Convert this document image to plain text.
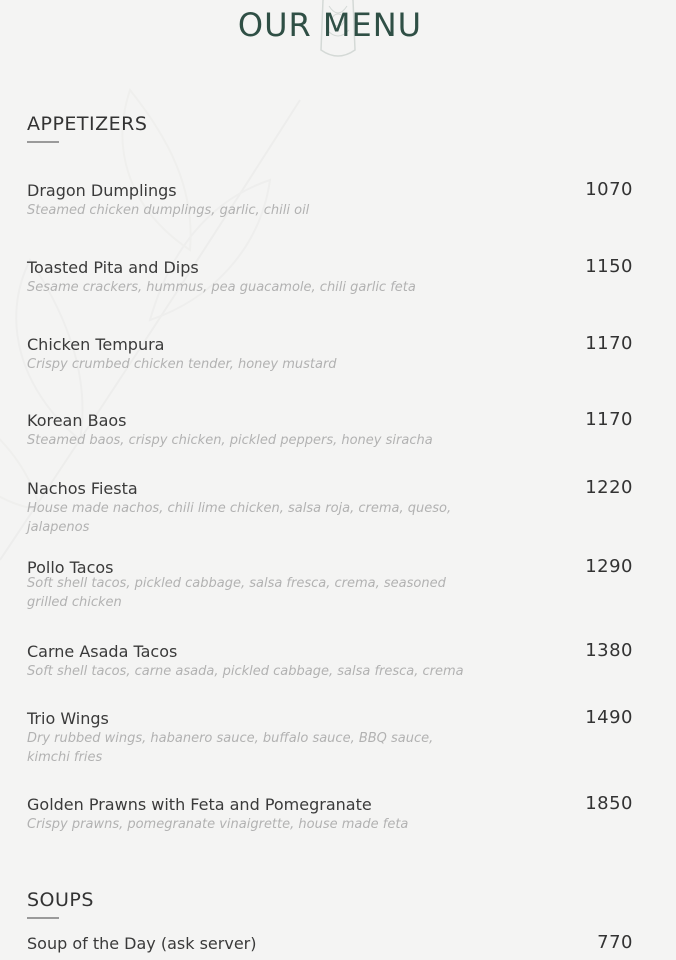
OUR MENU
APPETIZERS
Dragon Dumplings
Steamed chicken dumplings, garlic, chili oil
1070
Toasted Pita and Dips
Sesame crackers, hummus, pea guacamole, chili garlic feta
1150
Chicken Tempura
Crispy crumbed chicken tender, honey mustard
1170
Korean Baos
Steamed baos, crispy chicken, pickled peppers, honey siracha
1170
Nachos Fiesta
House made nachos, chili lime chicken, salsa roja, crema, queso, jalapenos
1220
Pollo Tacos
Soft shell tacos, pickled cabbage, salsa fresca, crema, seasoned grilled chicken
1290
Carne Asada Tacos
Soft shell tacos, carne asada, pickled cabbage, salsa fresca, crema
1380
Trio Wings
Dry rubbed wings, habanero sauce, buffalo sauce, BBQ sauce, kimchi fries
1490
Golden Prawns with Feta and Pomegranate
Crispy prawns, pomegranate vinaigrette, house made feta
1850
SOUPS
Soup of the Day (ask server)	770
